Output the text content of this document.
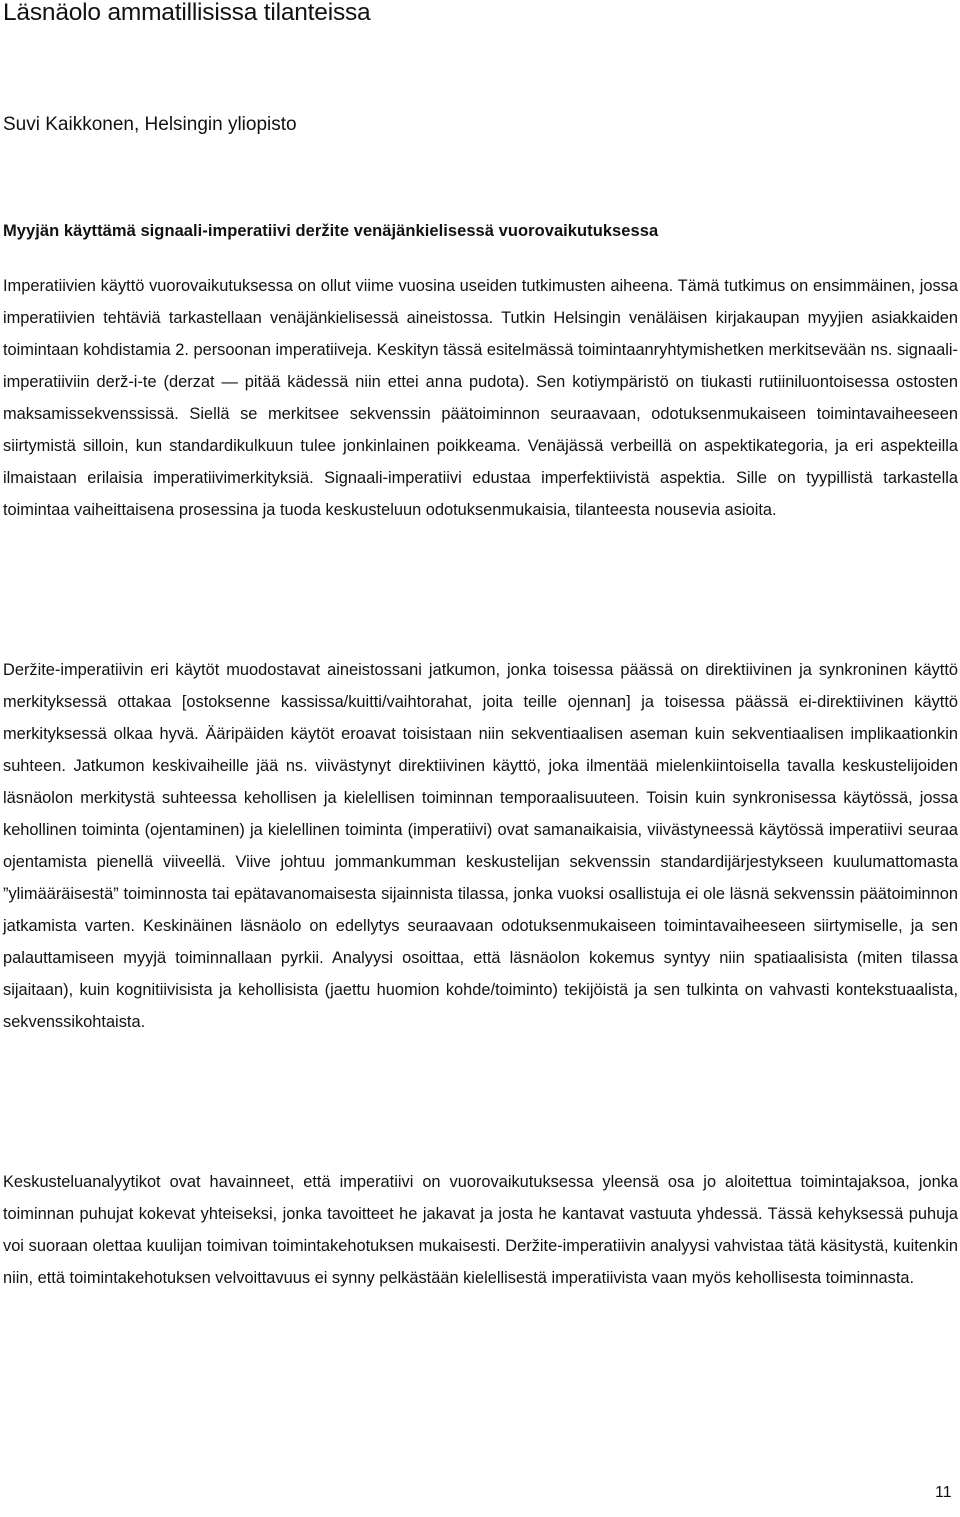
Läsnäolo ammatillisissa tilanteissa

Suvi Kaikkonen, Helsingin yliopisto

Myyjän käyttämä signaali-imperatiivi deržite venäjänkielisessä vuorovaikutuksessa

Imperatiivien käyttö vuorovaikutuksessa on ollut viime vuosina useiden tutkimusten aiheena. Tämä tutkimus on ensimmäinen, jossa imperatiivien tehtäviä tarkastellaan venäjänkielisessä aineistossa. Tutkin Helsingin venäläisen kirjakaupan myyjien asiakkaiden toimintaan kohdistamia 2. persoonan imperatiiveja. Keskityn tässä esitelmässä toimintaanryhtymishetken merkitsevään ns. signaali-imperatiiviin derž-i-te (derzat — pitää kädessä niin ettei anna pudota). Sen kotiympäristö on tiukasti rutiiniluontoisessa ostosten maksamissekvenssissä. Siellä se merkitsee sekvenssin päätoiminnon seuraavaan, odotuksenmukaiseen toimintavaiheeseen siirtymistä silloin, kun standardikulkuun tulee jonkinlainen poikkeama. Venäjässä verbeillä on aspektikategoria, ja eri aspekteilla ilmaistaan erilaisia imperatiivimerkityksiä. Signaali-imperatiivi edustaa imperfektiivistä aspektia. Sille on tyypillistä tarkastella toimintaa vaiheittaisena prosessina ja tuoda keskusteluun odotuksenmukaisia, tilanteesta nousevia asioita.

Deržite-imperatiivin eri käytöt muodostavat aineistossani jatkumon, jonka toisessa päässä on direktiivinen ja synkroninen käyttö merkityksessä ottakaa [ostoksenne kassissa/kuitti/vaihtorahat, joita teille ojennan] ja toisessa päässä ei-direktiivinen käyttö merkityksessä olkaa hyvä. Ääripäiden käytöt eroavat toisistaan niin sekventiaalisen aseman kuin sekventiaalisen implikaationkin suhteen. Jatkumon keskivaiheille jää ns. viivästynyt direktiivinen käyttö, joka ilmentää mielenkiintoisella tavalla keskustelijoiden läsnäolon merkitystä suhteessa kehollisen ja kielellisen toiminnan temporaalisuuteen. Toisin kuin synkronisessa käytössä, jossa kehollinen toiminta (ojentaminen) ja kielellinen toiminta (imperatiivi) ovat samanaikaisia, viivästyneessä käytössä imperatiivi seuraa ojentamista pienellä viiveellä. Viive johtuu jommankumman keskustelijan sekvenssin standardijärjestykseen kuulumattomasta ”ylimääräisestä” toiminnosta tai epätavanomaisesta sijainnista tilassa, jonka vuoksi osallistuja ei ole läsnä sekvenssin päätoiminnon jatkamista varten. Keskinäinen läsnäolo on edellytys seuraavaan odotuksenmukaiseen toimintavaiheeseen siirtymiselle, ja sen palauttamiseen myyjä toiminnallaan pyrkii. Analyysi osoittaa, että läsnäolon kokemus syntyy niin spatiaalisista (miten tilassa sijaitaan), kuin kognitiivisista ja kehollisista (jaettu huomion kohde/toiminto) tekijöistä ja sen tulkinta on vahvasti kontekstuaalista, sekvenssikohtaista.

Keskusteluanalyytikot ovat havainneet, että imperatiivi on vuorovaikutuksessa yleensä osa jo aloitettua toimintajaksoa, jonka toiminnan puhujat kokevat yhteiseksi, jonka tavoitteet he jakavat ja josta he kantavat vastuuta yhdessä. Tässä kehyksessä puhuja voi suoraan olettaa kuulijan toimivan toimintakehotuksen mukaisesti. Deržite-imperatiivin analyysi vahvistaa tätä käsitystä, kuitenkin niin, että toimintakehotuksen velvoittavuus ei synny pelkästään kielellisestä imperatiivista vaan myös kehollisesta toiminnasta.

11
